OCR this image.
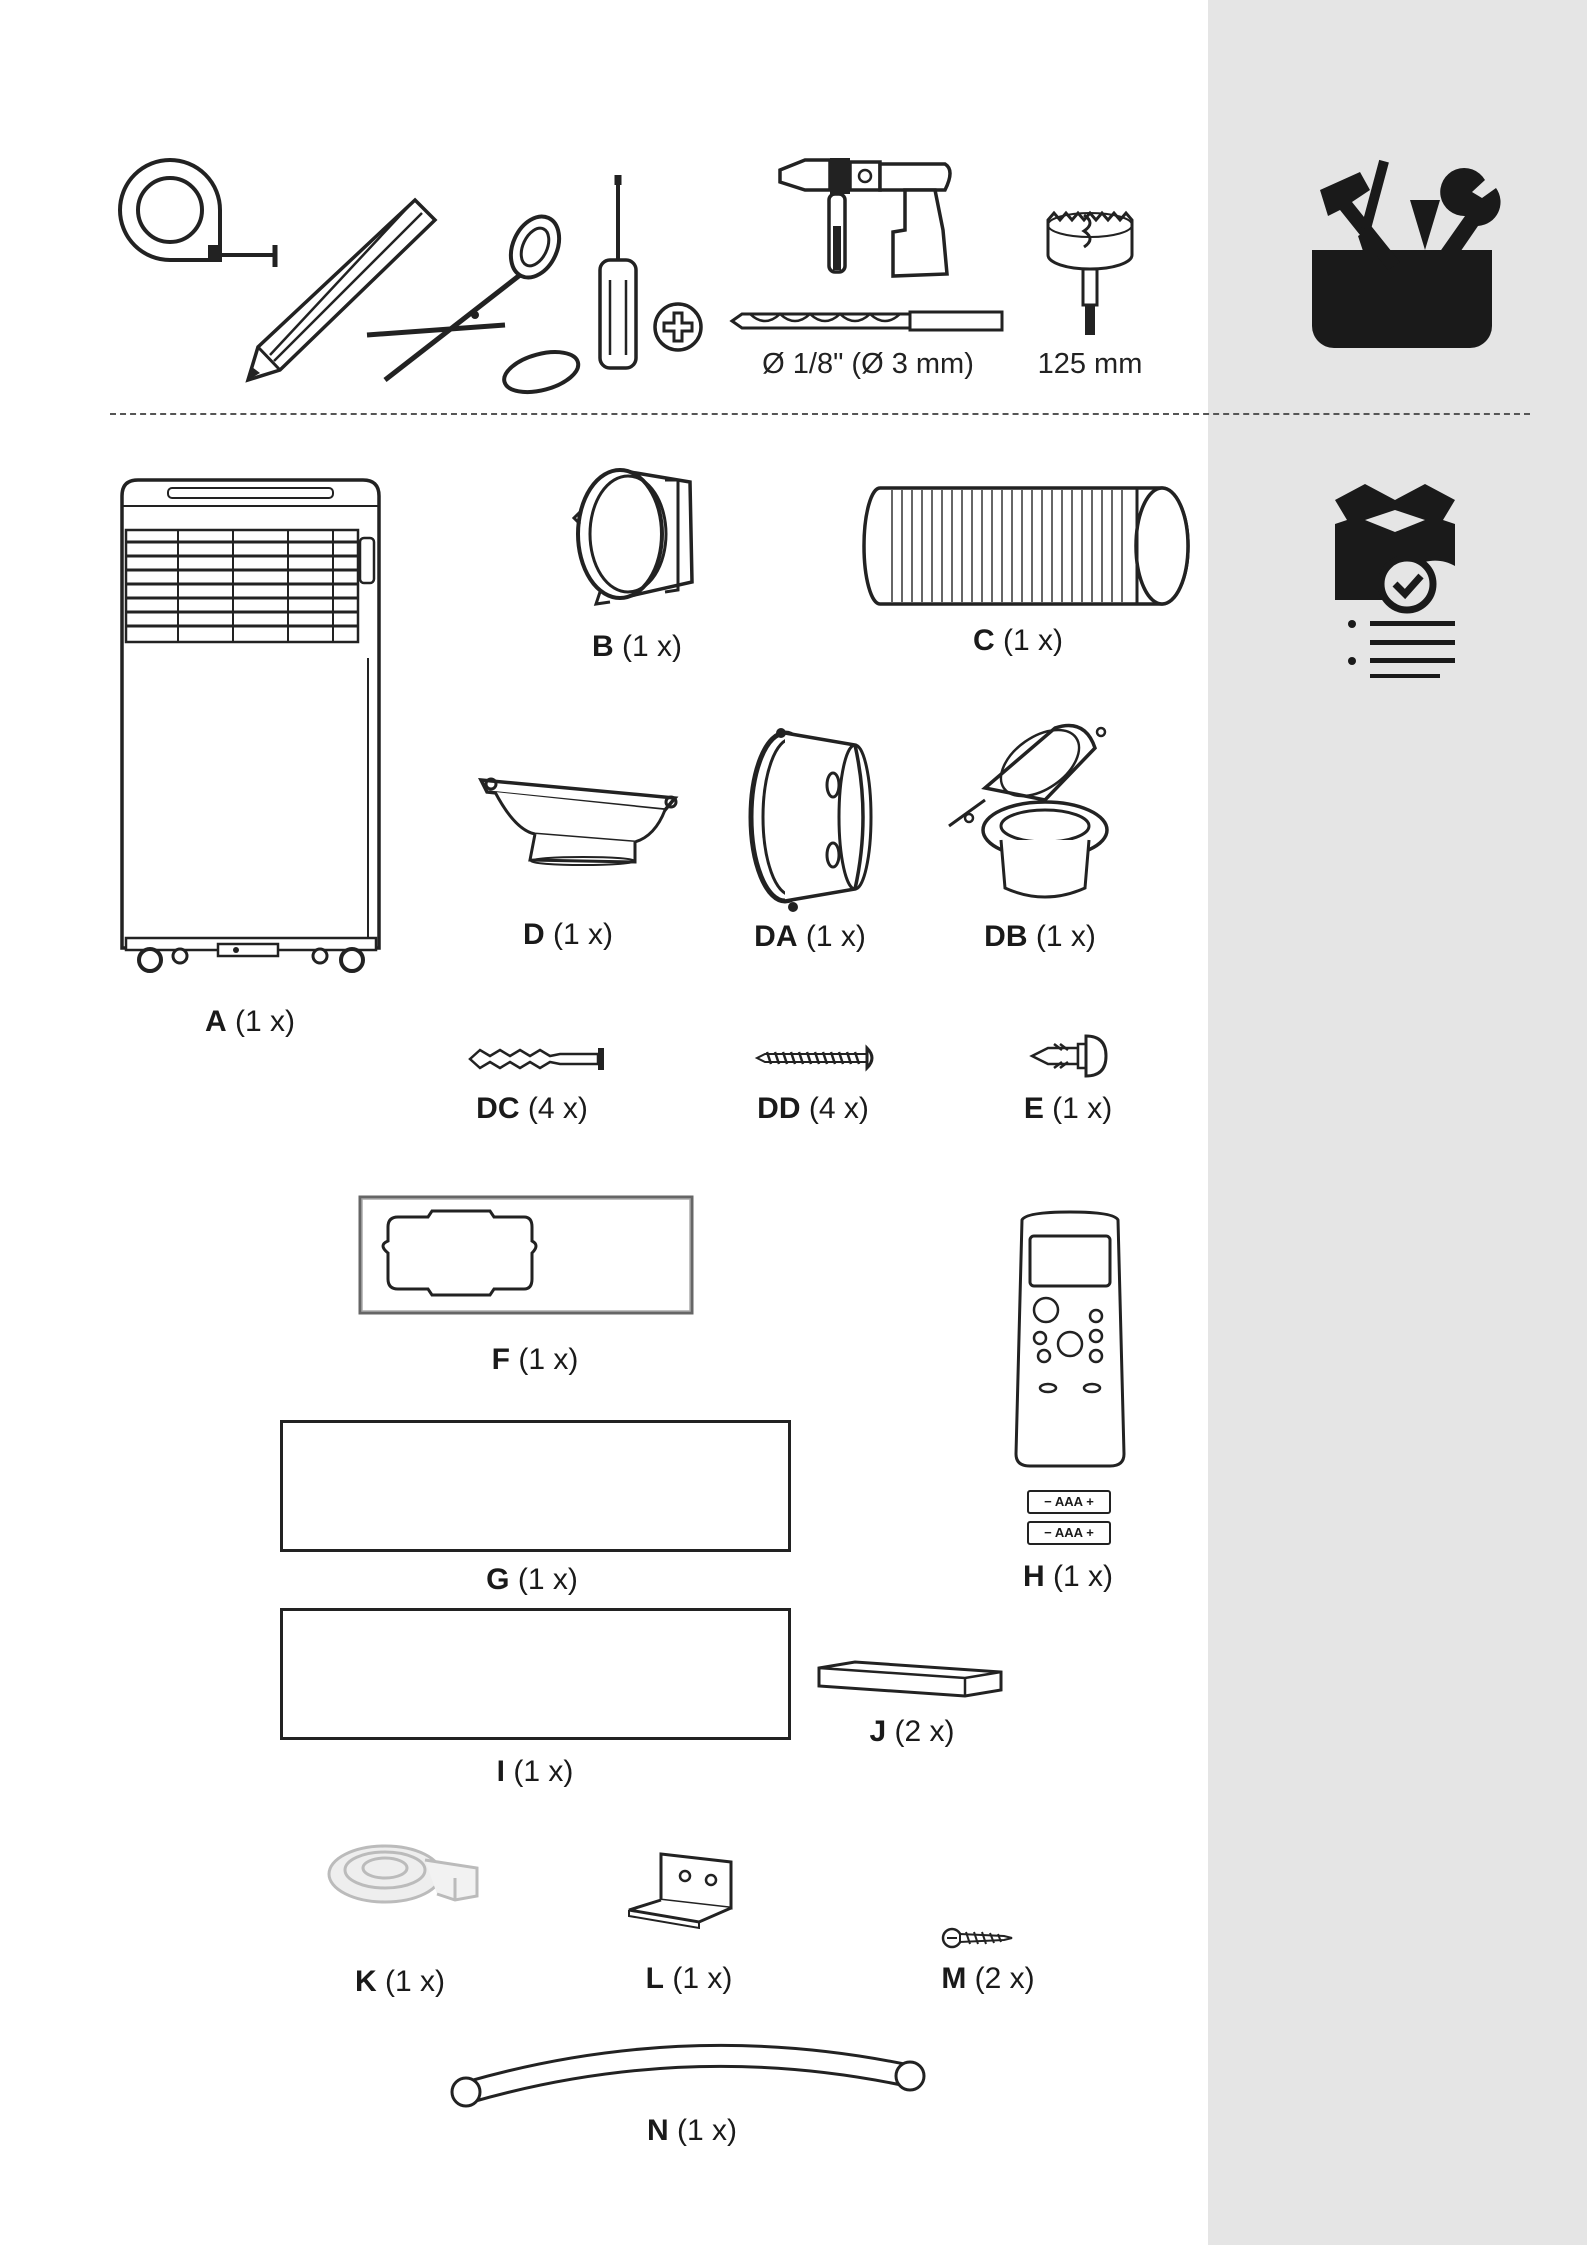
Ø 1/8" (Ø 3 mm) 125 mm
A (1 x)
B (1 x)	C (1 x)
D (1 x)	DA (1 x)	DB (1 x)
DC (4 x)	DD (4 x)	E (1 x)
F (1 x)
G (1 x)
I (1 x)
− AAA +
− AAA +
H (1 x)
J (2 x)
K (1 x)	L (1 x)	M (2 x)
N (1 x)
